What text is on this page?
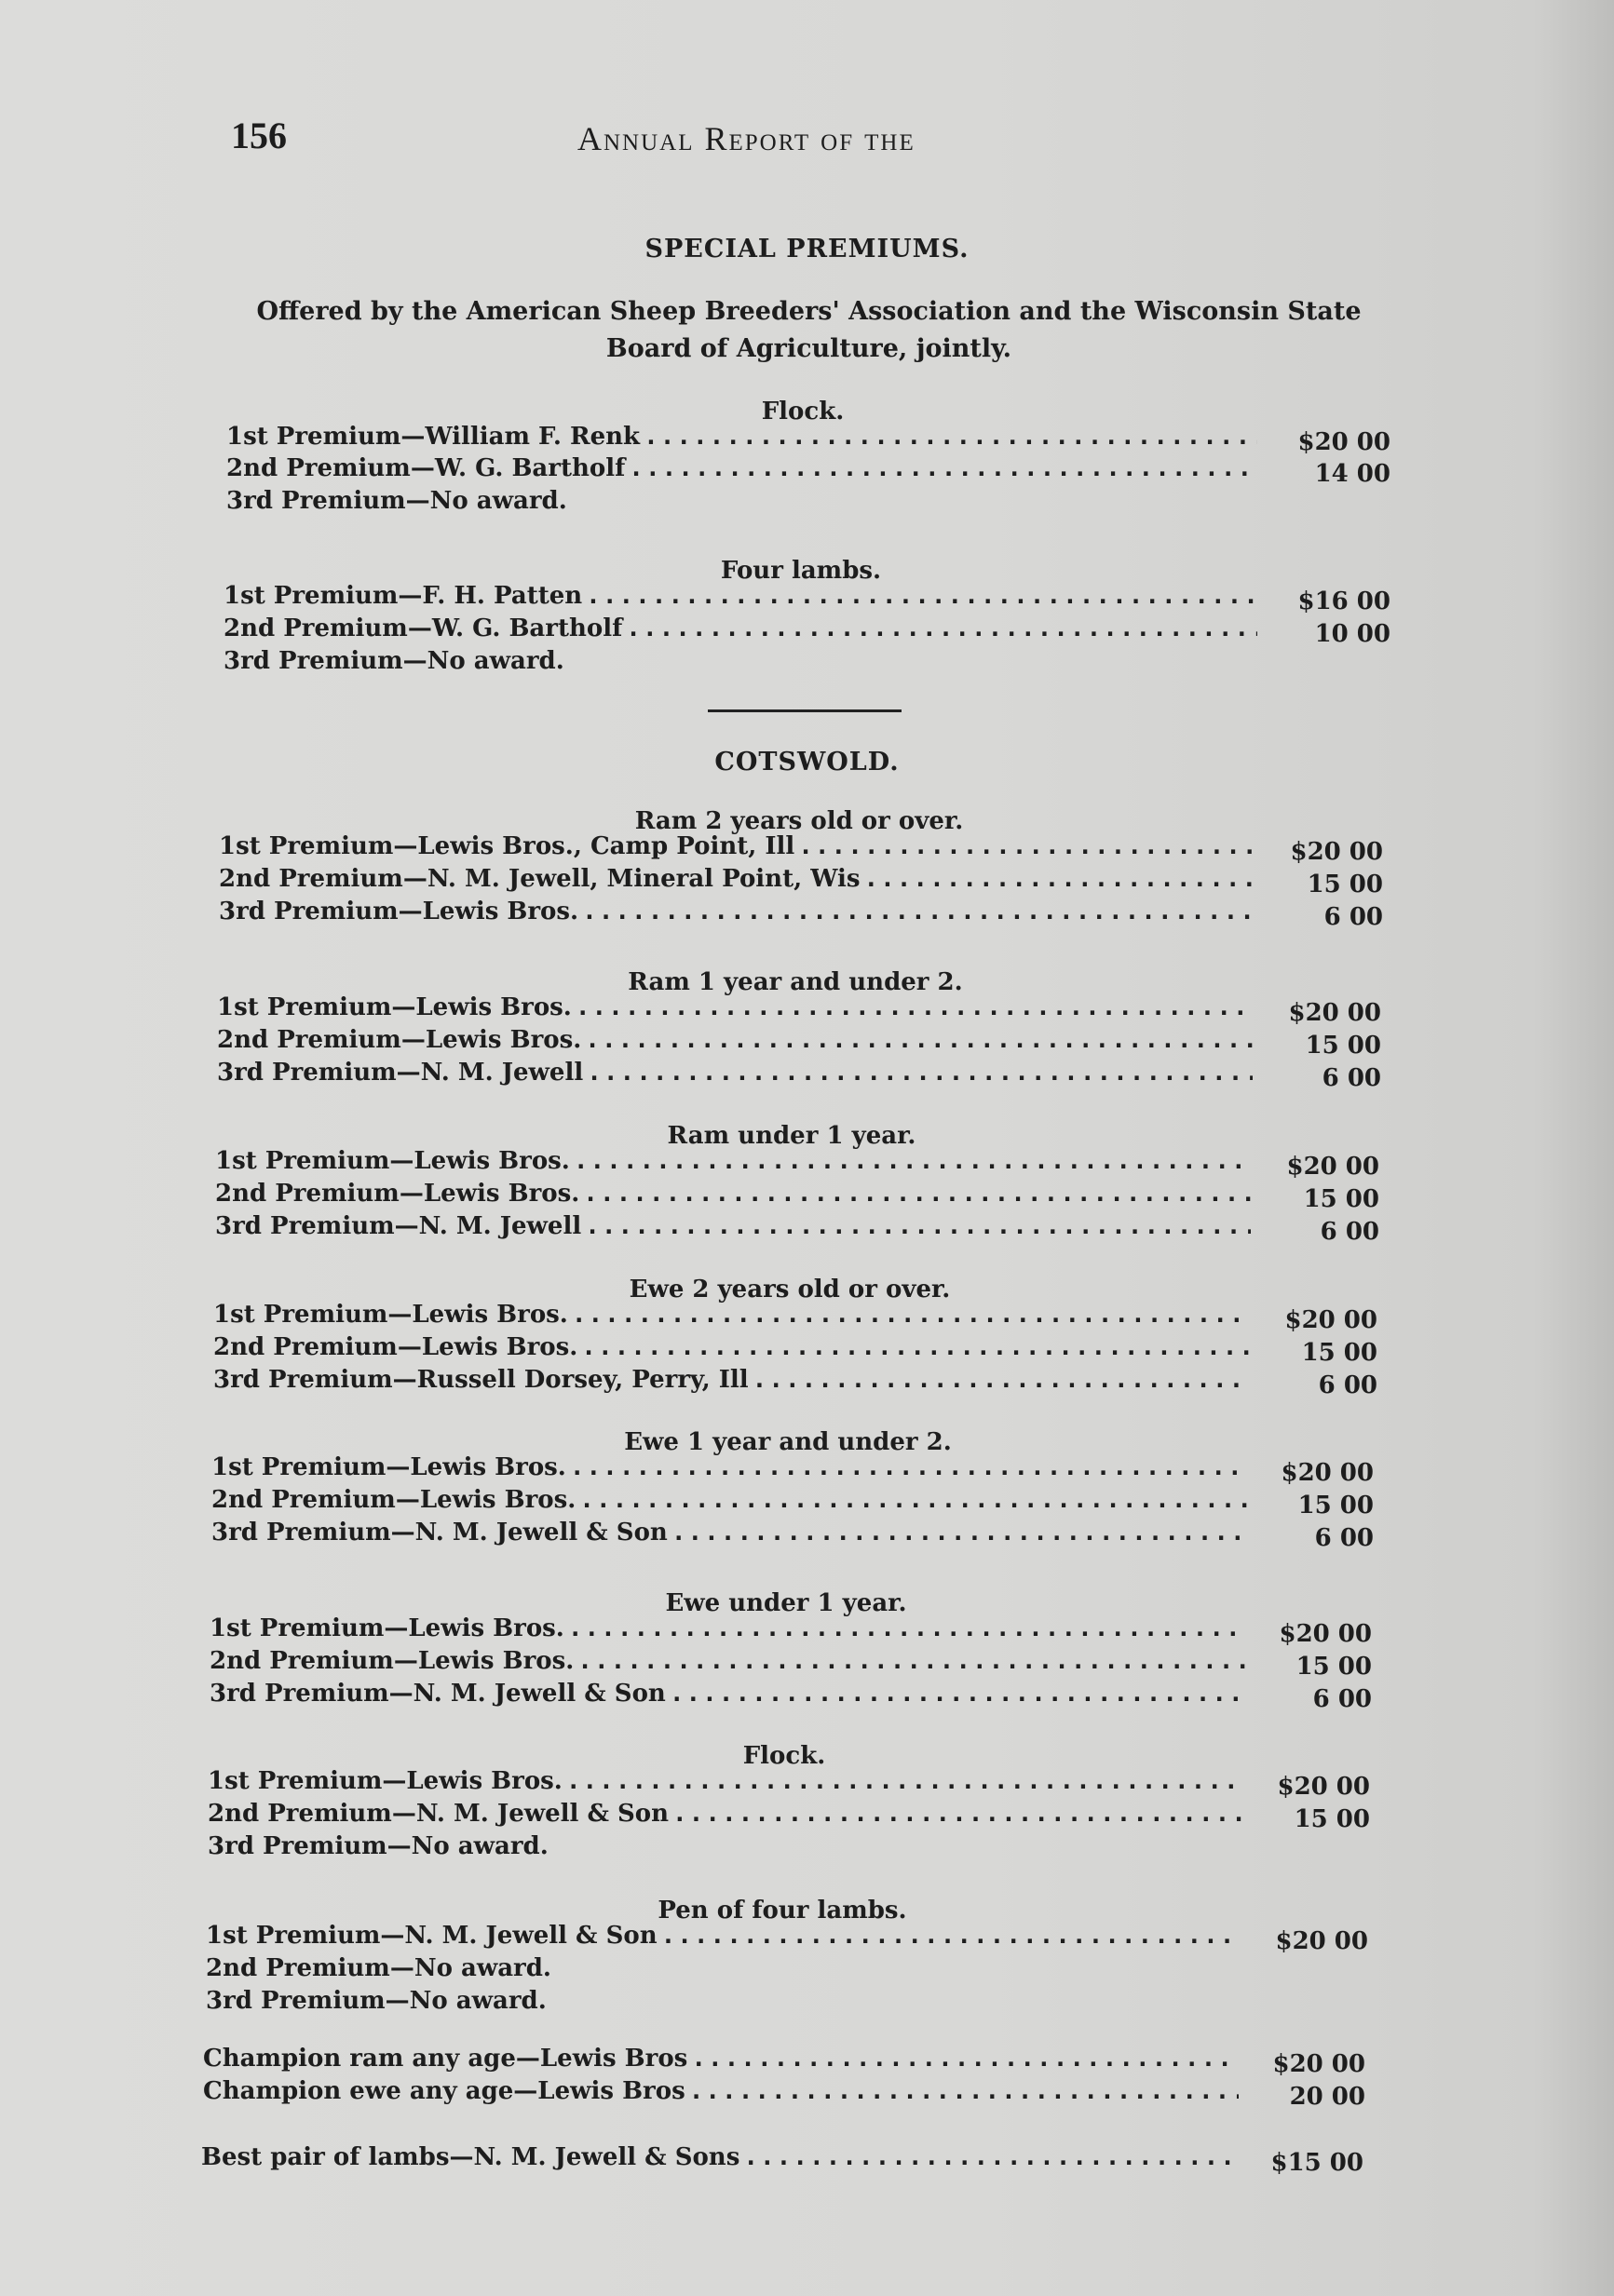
156	Annual Report of the
SPECIAL PREMIUMS.
Offered by the American Sheep Breeders' Association and the Wisconsin State Board of Agriculture, jointly.
Flock.
1st Premium—William F. Renk .....	$20 00
2nd Premium—W. G. Bartholf .....	14 00
3rd Premium—No award.
Four lambs.
1st Premium—F. H. Patten .....	$16 00
2nd Premium—W. G. Bartholf .....	10 00
3rd Premium—No award.
COTSWOLD.
Ram 2 years old or over.
1st Premium—Lewis Bros., Camp Point, Ill .....	$20 00
2nd Premium—N. M. Jewell, Mineral Point, Wis .....	15 00
3rd Premium—Lewis Bros. .....	6 00
Ram 1 year and under 2.
1st Premium—Lewis Bros. .....	$20 00
2nd Premium—Lewis Bros. .....	15 00
3rd Premium—N. M. Jewell .....	6 00
Ram under 1 year.
1st Premium—Lewis Bros. .....	$20 00
2nd Premium—Lewis Bros. .....	15 00
3rd Premium—N. M. Jewell .....	6 00
Ewe 2 years old or over.
1st Premium—Lewis Bros. .....	$20 00
2nd Premium—Lewis Bros. .....	15 00
3rd Premium—Russell Dorsey, Perry, Ill .....	6 00
Ewe 1 year and under 2.
1st Premium—Lewis Bros. .....	$20 00
2nd Premium—Lewis Bros. .....	15 00
3rd Premium—N. M. Jewell & Son .....	6 00
Ewe under 1 year.
1st Premium—Lewis Bros. .....	$20 00
2nd Premium—Lewis Bros. .....	15 00
3rd Premium—N. M. Jewell & Son .....	6 00
Flock.
1st Premium—Lewis Bros. .....	$20 00
2nd Premium—N. M. Jewell & Son .....	15 00
3rd Premium—No award.
Pen of four lambs.
1st Premium—N. M. Jewell & Son .....	$20 00
2nd Premium—No award.
3rd Premium—No award.
Champion ram any age—Lewis Bros .....	$20 00
Champion ewe any age—Lewis Bros .....	20 00
Best pair of lambs—N. M. Jewell & Sons .....	$15 00
